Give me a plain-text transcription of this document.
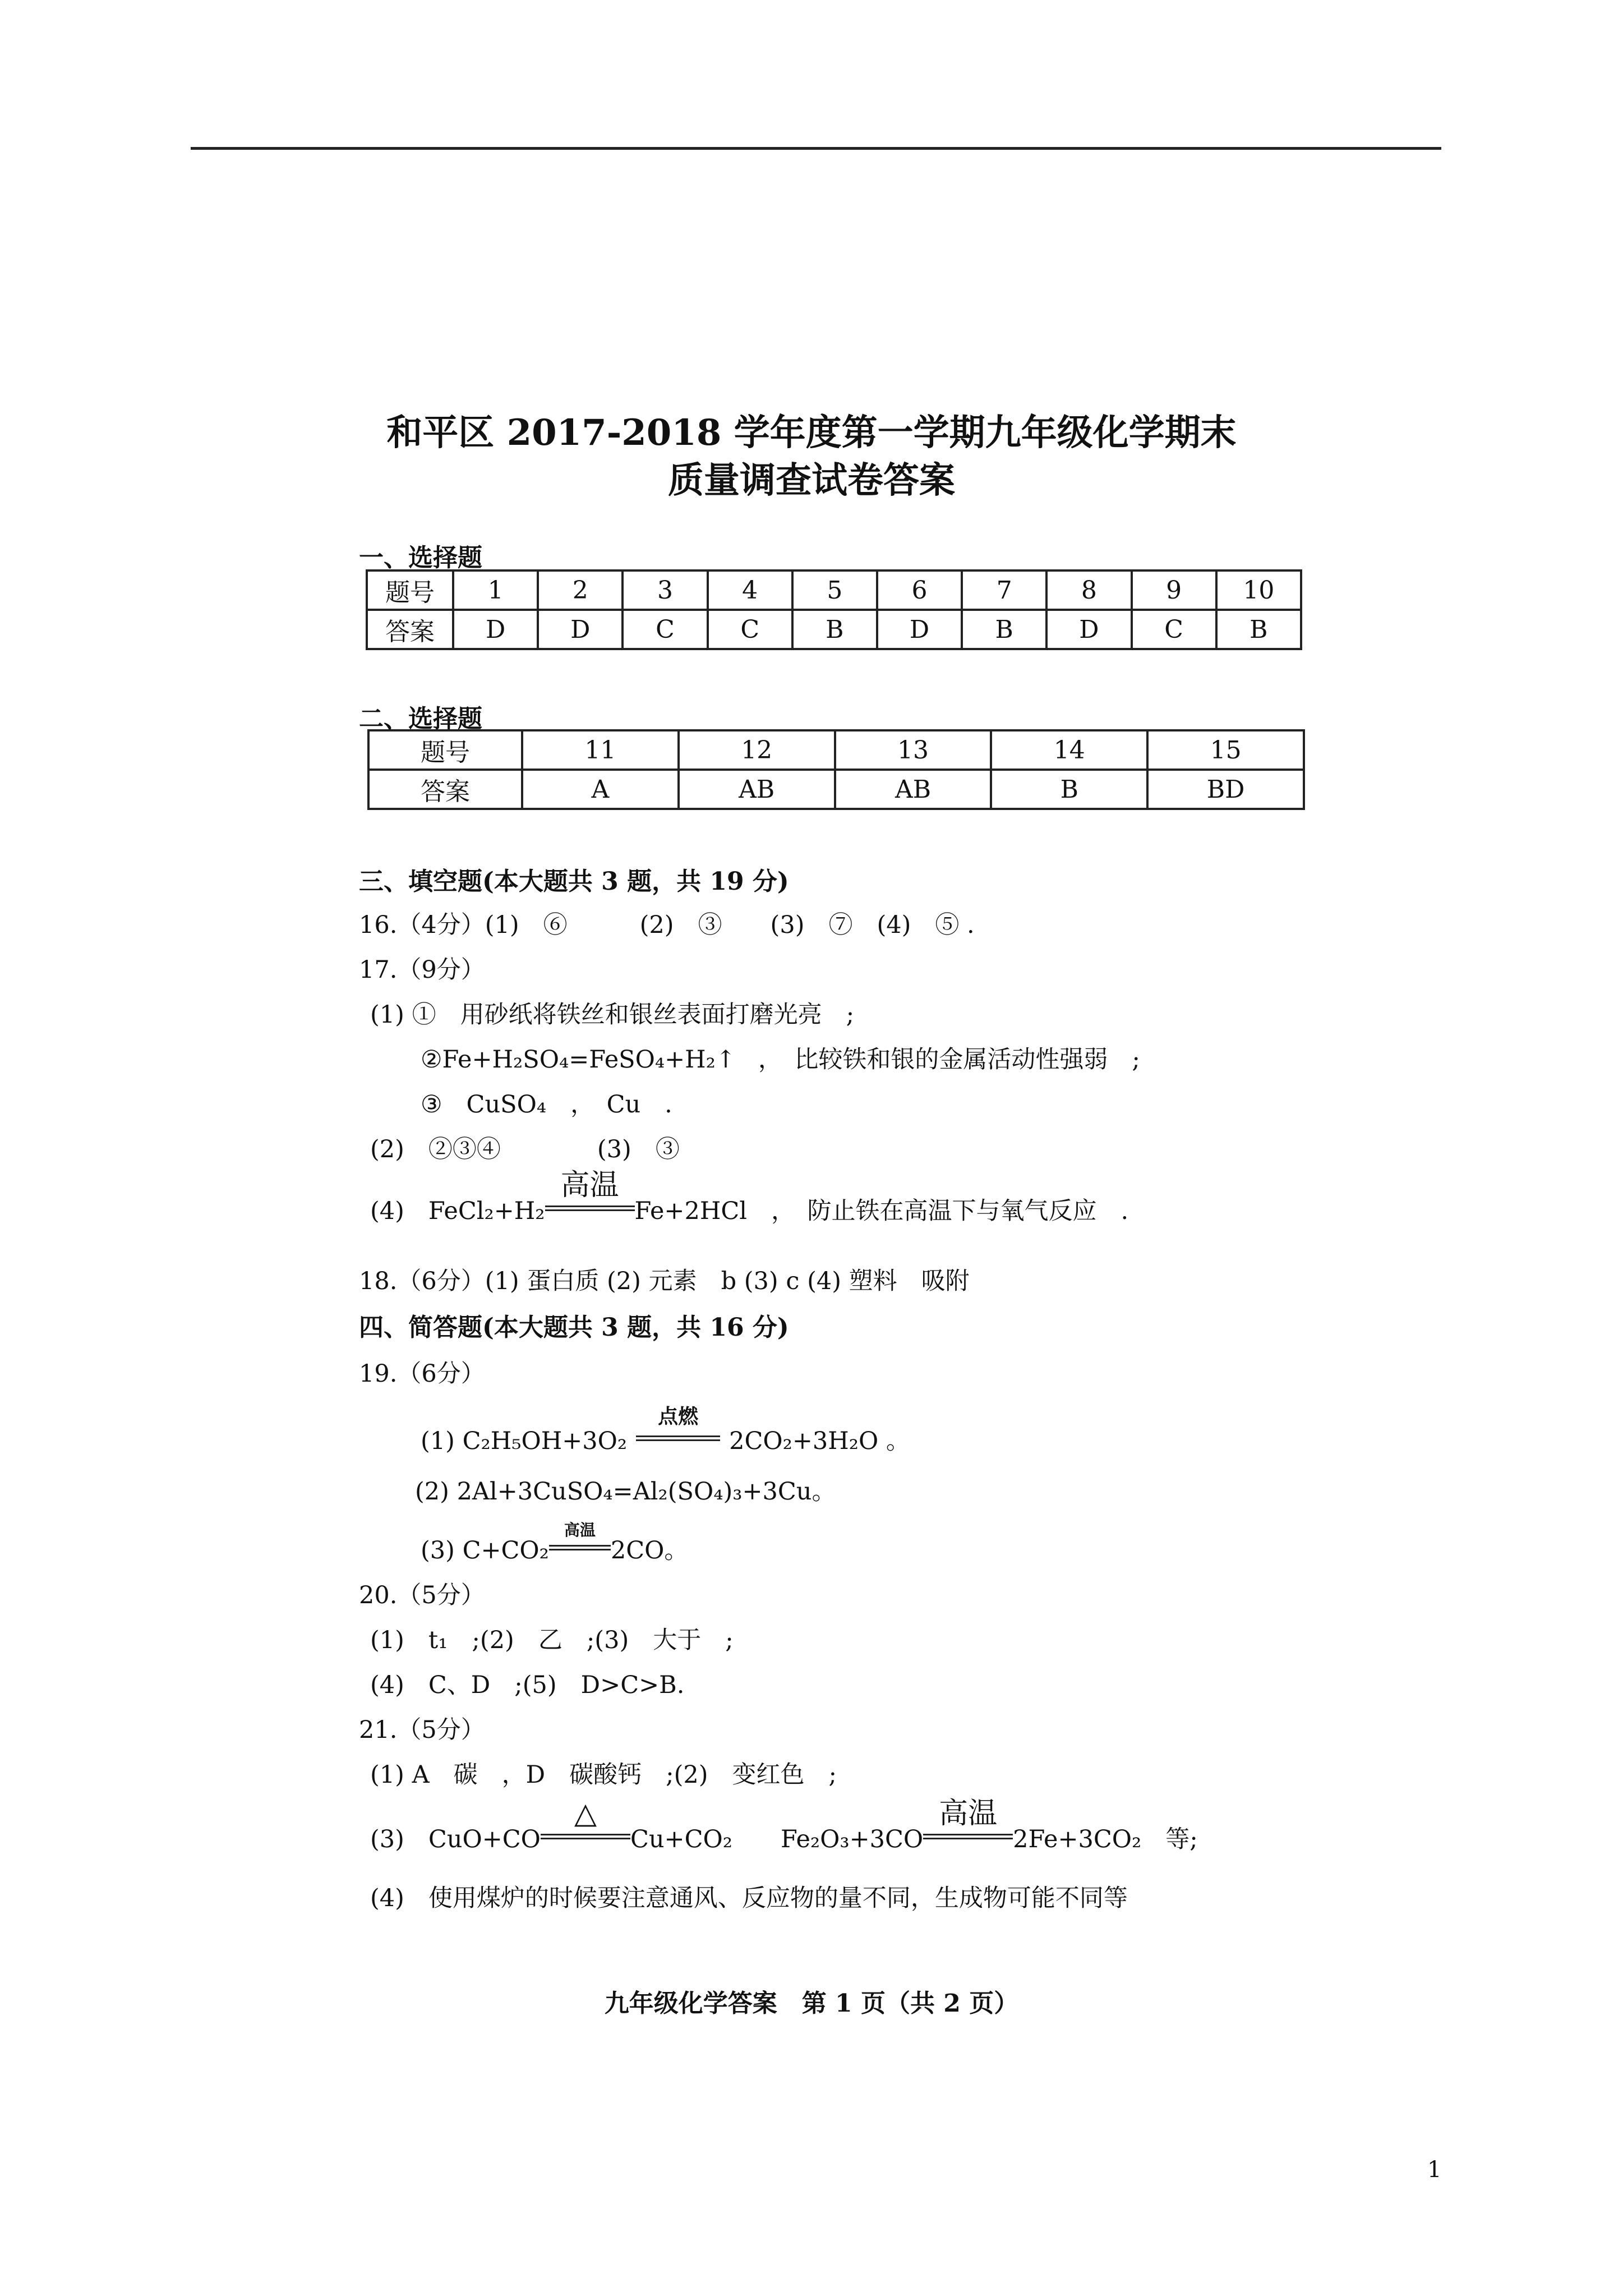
和平区 2017-2018 学年度第一学期九年级化学期末
质量调查试卷答案
一、选择题
题号	1	2	3	4	5	6	7	8	9	10
答案	D	D	C	C	B	D	B	D	C	B
二、选择题
题号	11	12	13	14	15
答案	A	AB	AB	B	BD
三、填空题(本大题共 3 题，共 19 分)
16.（4分）(1)　⑥　　　(2)　③　　(3)　⑦　(4)　⑤ .
17.（9分）
(1) ①　用砂纸将铁丝和银丝表面打磨光亮　;
②Fe+H₂SO₄=FeSO₄+H₂↑ ，　比较铁和银的金属活动性强弱　;
③　CuSO₄　，　Cu　.
(2)　②③④　　　　(3)　③
(4)　FeCl₂+H₂
高温
Fe+2HCl　，　防止铁在高温下与氧气反应　.
18.（6分）(1) 蛋白质 (2) 元素　b (3) c (4) 塑料　吸附
四、简答题(本大题共 3 题，共 16 分)
19.（6分）
(1) C₂H₅OH+3O₂
点燃
2CO₂+3H₂O 。
(2) 2Al+3CuSO₄=Al₂(SO₄)₃+3Cu。
(3) C+CO₂
高温
2CO。
20.（5分）
(1)　t₁　;(2)　乙　;(3)　大于　;
(4)　C、D　;(5)　D>C>B.
21.（5分）
(1) A　碳　，D　碳酸钙　;(2)　变红色　;
(3)　CuO+CO
△
Cu+CO₂　　Fe₂O₃+3CO
高温
2Fe+3CO₂　等;
(4)　使用煤炉的时候要注意通风、反应物的量不同，生成物可能不同等
九年级化学答案　第 1 页（共 2 页）
1
